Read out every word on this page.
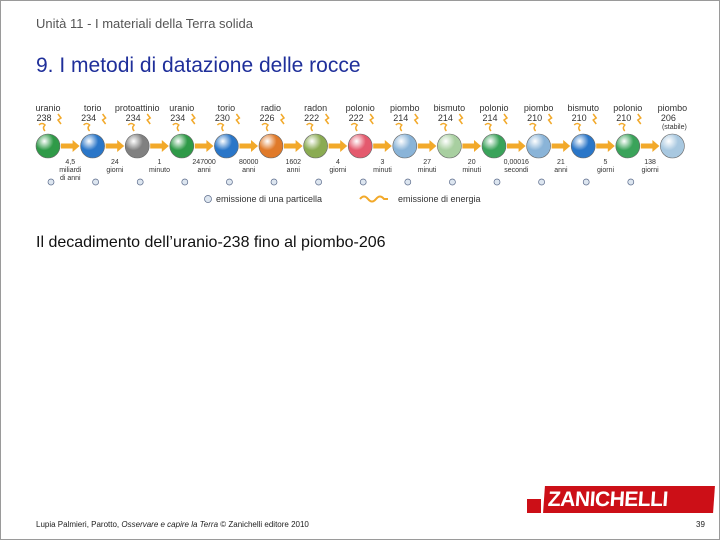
Unità 11 - I materiali della Terra solida
9. I metodi di datazione delle rocce
uranio
238
4,5
miliardi
di anni
torio
234
24
giorni
protoattinio
234
1
minuto
uranio
234
247000
anni
torio
230
80000
anni
radio
226
1602
anni
radon
222
4
giorni
polonio
222
3
minuti
piombo
214
27
minuti
bismuto
214
20
minuti
polonio
214
0,00016
secondi
piombo
210
21
anni
bismuto
210
5
giorni
polonio
210
138
giorni
piombo
206
(stabile)
emissione di una particella	emissione di energia
Il decadimento dell’uranio-238 fino al piombo-206
ZANICHELLI
Lupia Palmieri, Parotto, Osservare e capire la Terra © Zanichelli editore 2010	39
